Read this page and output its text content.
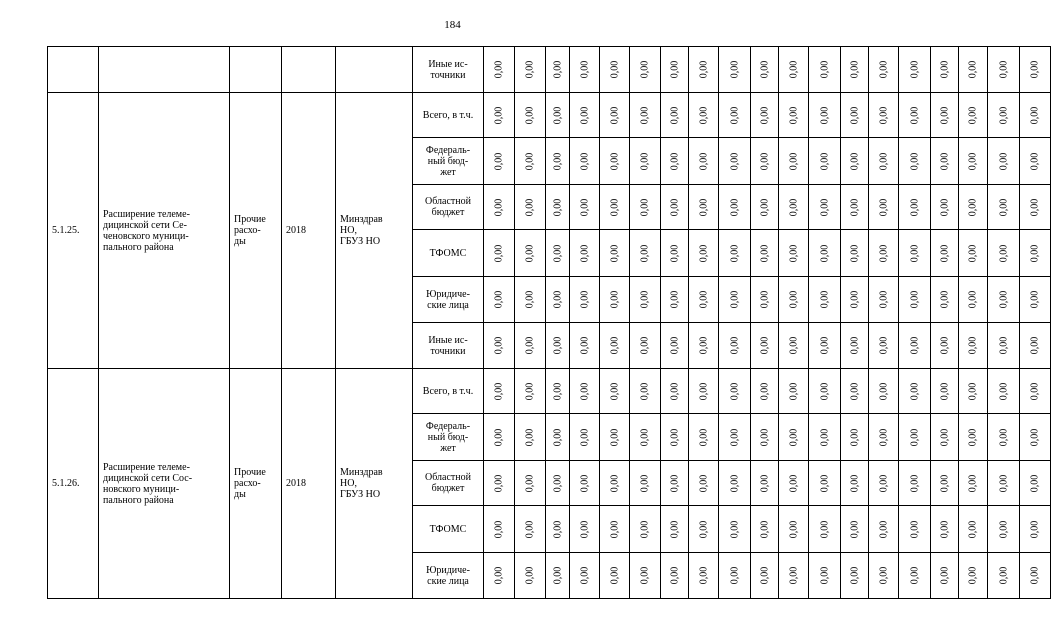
184
					Иные ис-
точники	0,00	0,00	0,00	0,00	0,00	0,00	0,00	0,00	0,00	0,00	0,00	0,00	0,00	0,00	0,00	0,00	0,00	0,00	0,00
5.1.25.	Расширение телеме-
дицинской сети Се-
ченовского муници-
пального района	Прочие
расхо-
ды	2018	Минздрав
НО,
ГБУЗ НО	Всего, в т.ч.	0,00	0,00	0,00	0,00	0,00	0,00	0,00	0,00	0,00	0,00	0,00	0,00	0,00	0,00	0,00	0,00	0,00	0,00	0,00
					Федераль-
ный бюд-
жет	0,00	0,00	0,00	0,00	0,00	0,00	0,00	0,00	0,00	0,00	0,00	0,00	0,00	0,00	0,00	0,00	0,00	0,00	0,00
					Областной
бюджет	0,00	0,00	0,00	0,00	0,00	0,00	0,00	0,00	0,00	0,00	0,00	0,00	0,00	0,00	0,00	0,00	0,00	0,00	0,00
					ТФОМС	0,00	0,00	0,00	0,00	0,00	0,00	0,00	0,00	0,00	0,00	0,00	0,00	0,00	0,00	0,00	0,00	0,00	0,00	0,00
					Юридиче-
ские лица	0,00	0,00	0,00	0,00	0,00	0,00	0,00	0,00	0,00	0,00	0,00	0,00	0,00	0,00	0,00	0,00	0,00	0,00	0,00
					Иные ис-
точники	0,00	0,00	0,00	0,00	0,00	0,00	0,00	0,00	0,00	0,00	0,00	0,00	0,00	0,00	0,00	0,00	0,00	0,00	0,00
5.1.26.	Расширение телеме-
дицинской сети Сос-
новского муници-
пального района	Прочие
расхо-
ды	2018	Минздрав
НО,
ГБУЗ НО	Всего, в т.ч.	0,00	0,00	0,00	0,00	0,00	0,00	0,00	0,00	0,00	0,00	0,00	0,00	0,00	0,00	0,00	0,00	0,00	0,00	0,00
					Федераль-
ный бюд-
жет	0,00	0,00	0,00	0,00	0,00	0,00	0,00	0,00	0,00	0,00	0,00	0,00	0,00	0,00	0,00	0,00	0,00	0,00	0,00
					Областной
бюджет	0,00	0,00	0,00	0,00	0,00	0,00	0,00	0,00	0,00	0,00	0,00	0,00	0,00	0,00	0,00	0,00	0,00	0,00	0,00
					ТФОМС	0,00	0,00	0,00	0,00	0,00	0,00	0,00	0,00	0,00	0,00	0,00	0,00	0,00	0,00	0,00	0,00	0,00	0,00	0,00
					Юридиче-
ские лица	0,00	0,00	0,00	0,00	0,00	0,00	0,00	0,00	0,00	0,00	0,00	0,00	0,00	0,00	0,00	0,00	0,00	0,00	0,00
